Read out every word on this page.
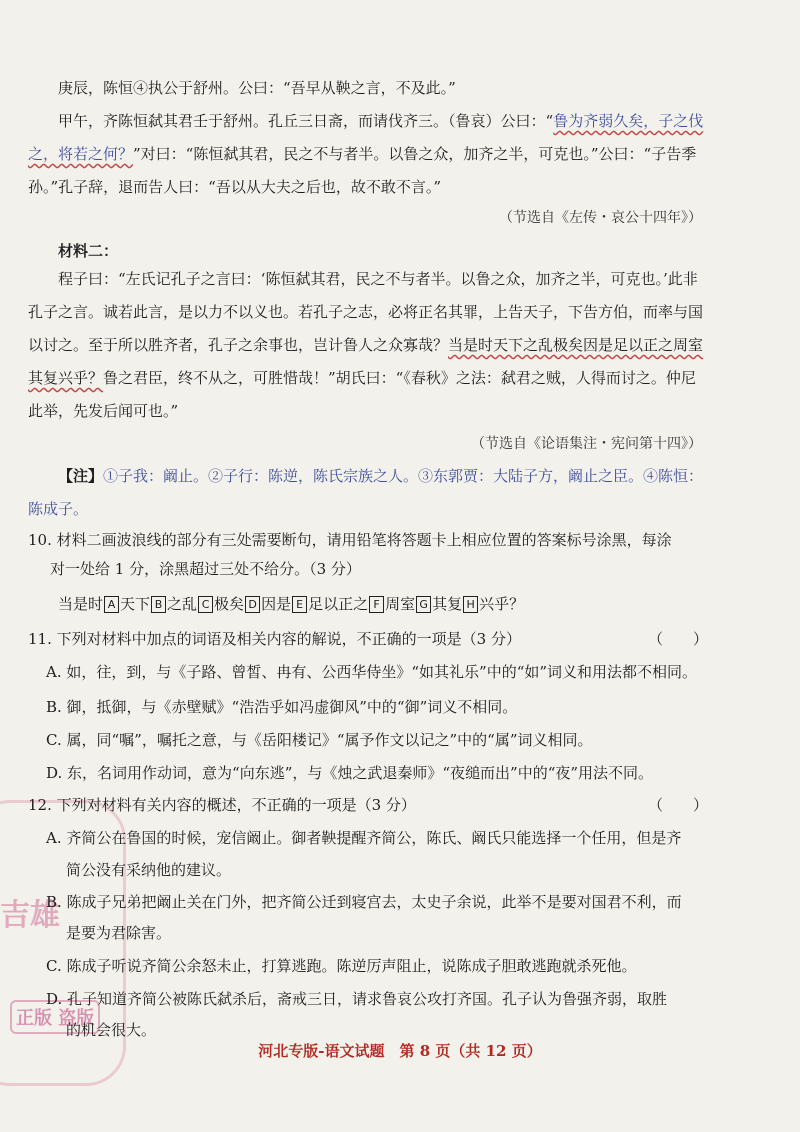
吉雄
正版 盗版

庚辰，陈恒④执公于舒州。公曰：“吾早从鞅之言，不及此。”

甲午，齐陈恒弑其君壬于舒州。孔丘三日斋，而请伐齐三。（鲁哀）公曰：“鲁为齐弱久矣，子之伐之，将若之何？”对曰：“陈恒弑其君，民之不与者半。以鲁之众，加齐之半，可克也。”公曰：“子告季孙。”孔子辞，退而告人曰：“吾以从大夫之后也，故不敢不言。”

（节选自《左传・哀公十四年》）
材料二：

程子曰：“左氏记孔子之言曰：‘陈恒弑其君，民之不与者半。以鲁之众，加齐之半，可克也。’此非孔子之言。诚若此言，是以力不以义也。若孔子之志，必将正名其罪，上告天子，下告方伯，而率与国以讨之。至于所以胜齐者，孔子之余事也，岂计鲁人之众寡哉？当是时天下之乱极矣因是足以正之周室其复兴乎？鲁之君臣，终不从之，可胜惜哉！”胡氏曰：“《春秋》之法：弑君之贼，人得而讨之。仲尼此举，先发后闻可也。”

（节选自《论语集注・宪问第十四》）

【注】①子我：阚止。②子行：陈逆，陈氏宗族之人。③东郭贾：大陆子方，阚止之臣。④陈恒：陈成子。

10. 材料二画波浪线的部分有三处需要断句，请用铅笔将答题卡上相应位置的答案标号涂黑，每涂
对一处给 1 分，涂黑超过三处不给分。（3 分）
当是时 A 天下 B 之乱 C 极矣 D 因是 E 足以正之 F 周室 G 其复 H 兴乎？
11. 下列对材料中加点的词语及相关内容的解说，不正确的一项是（3 分）	（　　）
A. 如，往，到，与《子路、曾皙、冉有、公西华侍坐》“如其礼乐”中的“如”词义和用法都不相同。
B. 御，抵御，与《赤壁赋》“浩浩乎如冯虚御风”中的“御”词义不相同。
C. 属，同“嘱”，嘱托之意，与《岳阳楼记》“属予作文以记之”中的“属”词义相同。
D. 东，名词用作动词，意为“向东逃”，与《烛之武退秦师》“夜缒而出”中的“夜”用法不同。
12. 下列对材料有关内容的概述，不正确的一项是（3 分）	（　　）
A. 齐简公在鲁国的时候，宠信阚止。御者鞅提醒齐简公，陈氏、阚氏只能选择一个任用，但是齐
简公没有采纳他的建议。
B. 陈成子兄弟把阚止关在门外，把齐简公迁到寝宫去，太史子余说，此举不是要对国君不利，而
是要为君除害。
C. 陈成子听说齐简公余怒未止，打算逃跑。陈逆厉声阻止，说陈成子胆敢逃跑就杀死他。
D. 孔子知道齐简公被陈氏弑杀后，斋戒三日，请求鲁哀公攻打齐国。孔子认为鲁强齐弱，取胜
的机会很大。
河北专版-语文试题　第 8 页（共 12 页）
